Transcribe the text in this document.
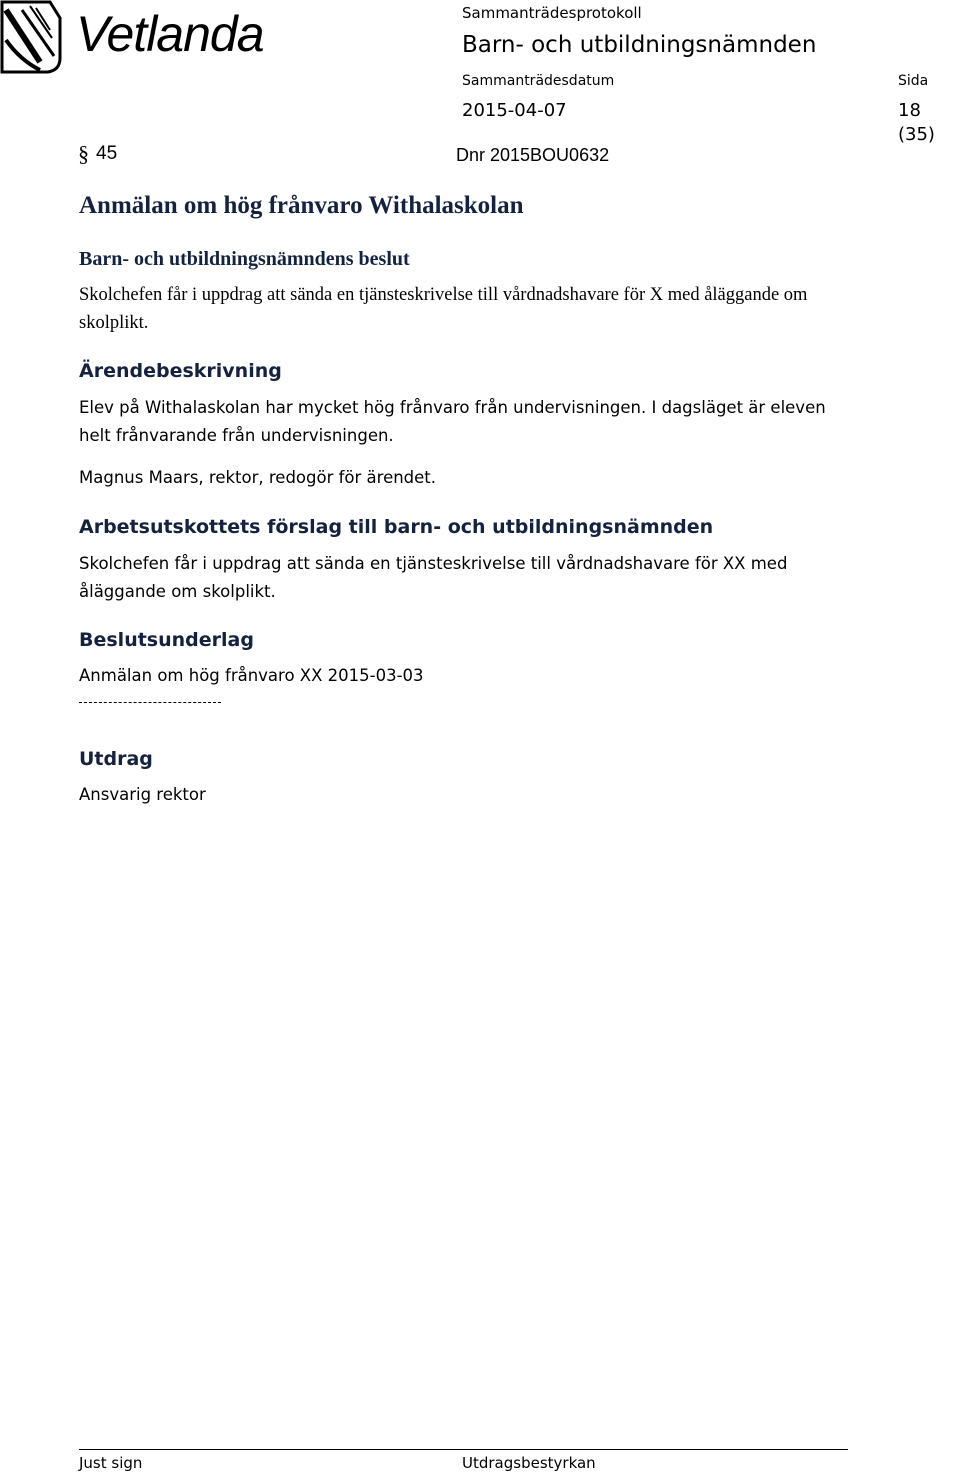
Vetlanda	Sammanträdesprotokoll
Barn- och utbildningsnämnden
Sammanträdesdatum	Sida
2015-04-07	18 (35)
§ 45	Dnr 2015BOU0632
Anmälan om hög frånvaro Withalaskolan
Barn- och utbildningsnämndens beslut

Skolchefen får i uppdrag att sända en tjänsteskrivelse till vårdnadshavare för X med åläggande om skolplikt.

Ärendebeskrivning

Elev på Withalaskolan har mycket hög frånvaro från undervisningen. I dagsläget är eleven helt frånvarande från undervisningen.

Magnus Maars, rektor, redogör för ärendet.

Arbetsutskottets förslag till barn- och utbildningsnämnden

Skolchefen får i uppdrag att sända en tjänsteskrivelse till vårdnadshavare för XX med åläggande om skolplikt.

Beslutsunderlag

Anmälan om hög frånvaro XX 2015-03-03

Utdrag

Ansvarig rektor

Just sign	Utdragsbestyrkan
